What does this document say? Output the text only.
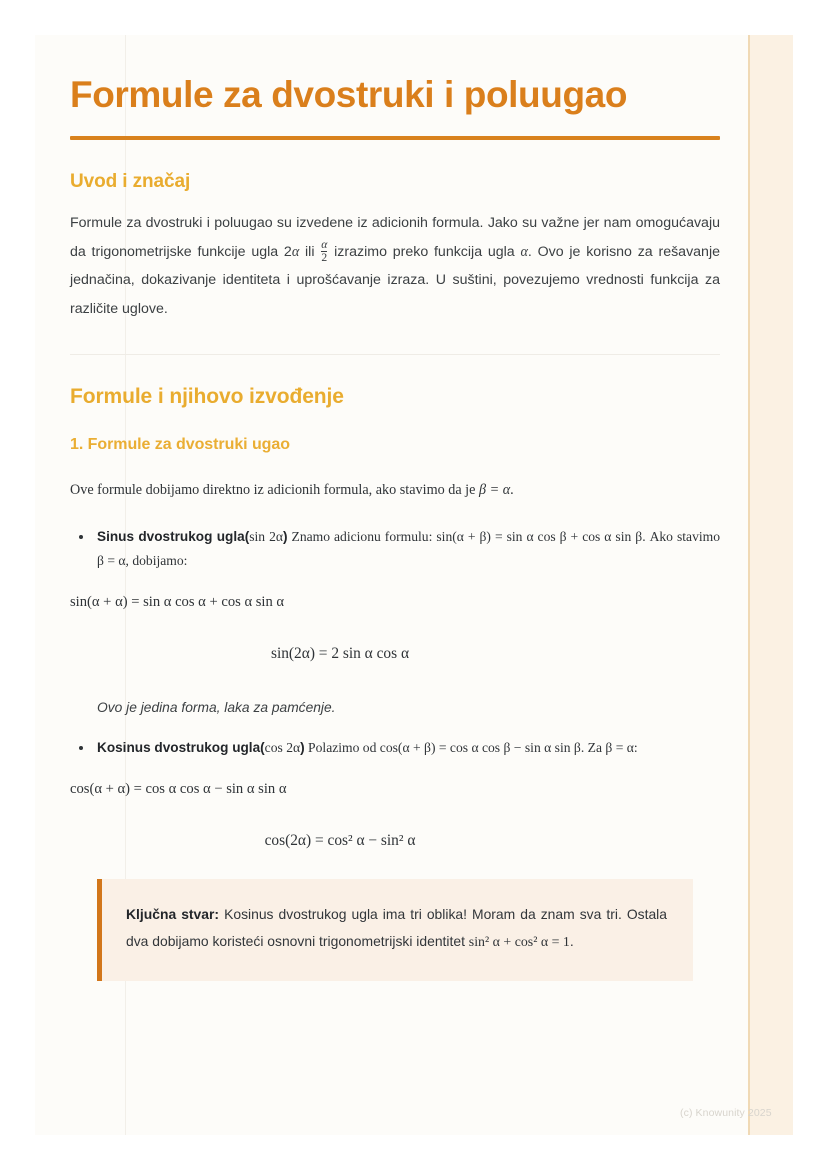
Formule za dvostruki i poluugao
Uvod i značaj

Formule za dvostruki i poluugao su izvedene iz adicionih formula. Jako su važne jer nam omogućavaju da trigonometrijske funkcije ugla 2α ili $\frac{\alpha}{2}$ izrazimo preko funkcija ugla α. Ovo je korisno za rešavanje jednačina, dokazivanje identiteta i uprošćavanje izraza. U suštini, povezujemo vrednosti funkcija za različite uglove.

Formule i njihovo izvođenje
1. Formule za dvostruki ugao

Ove formule dobijamo direktno iz adicionih formula, ako stavimo da je β = α.

Sinus dvostrukog ugla(sin 2α) Znamo adicionu formulu: sin(α + β) = sin α cos β + cos α sin β. Ako stavimo β = α, dobijamo:
sin(α + α) = sin α cos α + cos α sin α
sin(2α) = 2 sin α cos α
Ovo je jedina forma, laka za pamćenje.
Kosinus dvostrukog ugla(cos 2α) Polazimo od cos(α + β) = cos α cos β − sin α sin β. Za β = α:
cos(α + α) = cos α cos α − sin α sin α
cos(2α) = cos² α − sin² α

Ključna stvar: Kosinus dvostrukog ugla ima tri oblika! Moram da znam sva tri. Ostala dva dobijamo koristeći osnovni trigonometrijski identitet sin² α + cos² α = 1.

(c) Knowunity 2025
